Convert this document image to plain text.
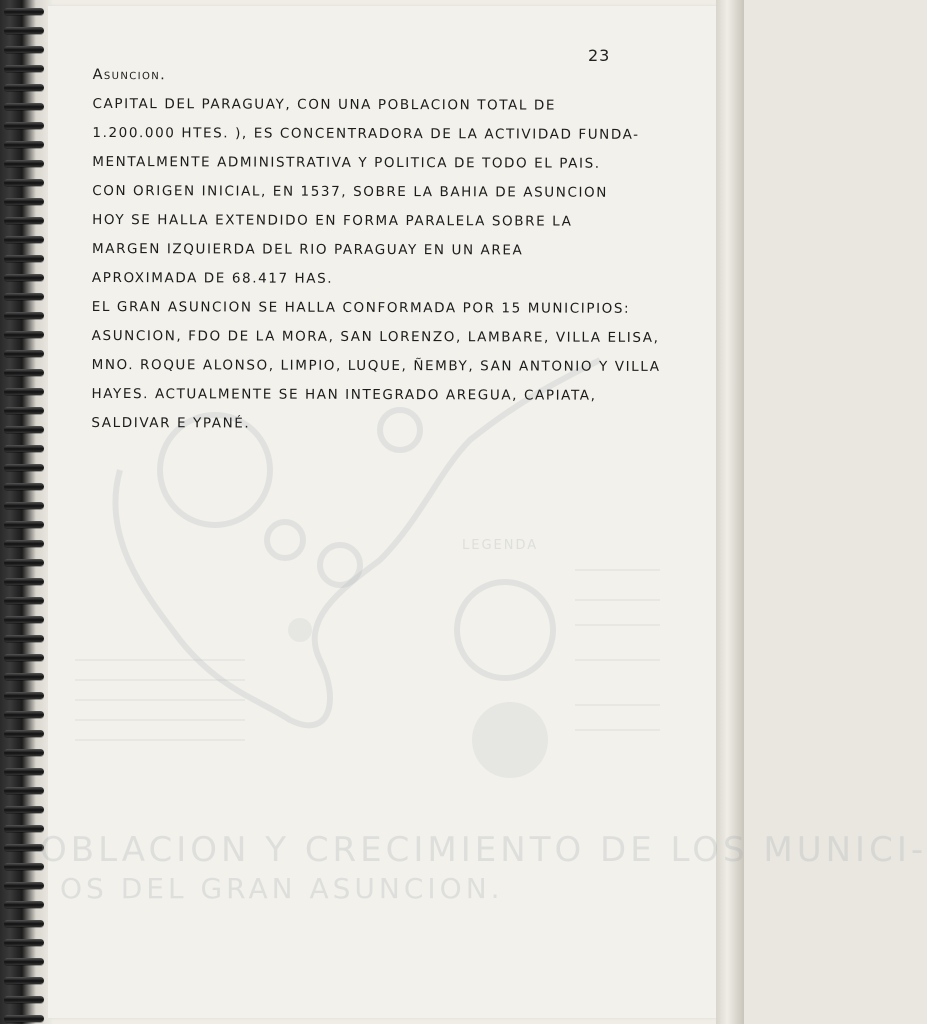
LEGENDA
OBLACION Y CRECIMIENTO DE LOS MUNICI-
OS DEL GRAN ASUNCION.
23
Asuncion.
CAPITAL DEL PARAGUAY, CON UNA POBLACION TOTAL DE
1.200.000 HTES. ), ES CONCENTRADORA DE LA ACTIVIDAD FUNDA-
MENTALMENTE ADMINISTRATIVA Y POLITICA DE TODO EL PAIS.
CON ORIGEN INICIAL, EN 1537, SOBRE LA BAHIA DE ASUNCION
HOY SE HALLA EXTENDIDO EN FORMA PARALELA SOBRE LA
MARGEN IZQUIERDA DEL RIO PARAGUAY EN UN AREA
APROXIMADA DE 68.417 HAS.
EL GRAN ASUNCION SE HALLA CONFORMADA POR 15 MUNICIPIOS:
ASUNCION, FDO DE LA MORA, SAN LORENZO, LAMBARE, VILLA ELISA,
MNO. ROQUE ALONSO, LIMPIO, LUQUE, ÑEMBY, SAN ANTONIO Y VILLA
HAYES. ACTUALMENTE SE HAN INTEGRADO AREGUA, CAPIATA,
SALDIVAR E YPANÉ.
